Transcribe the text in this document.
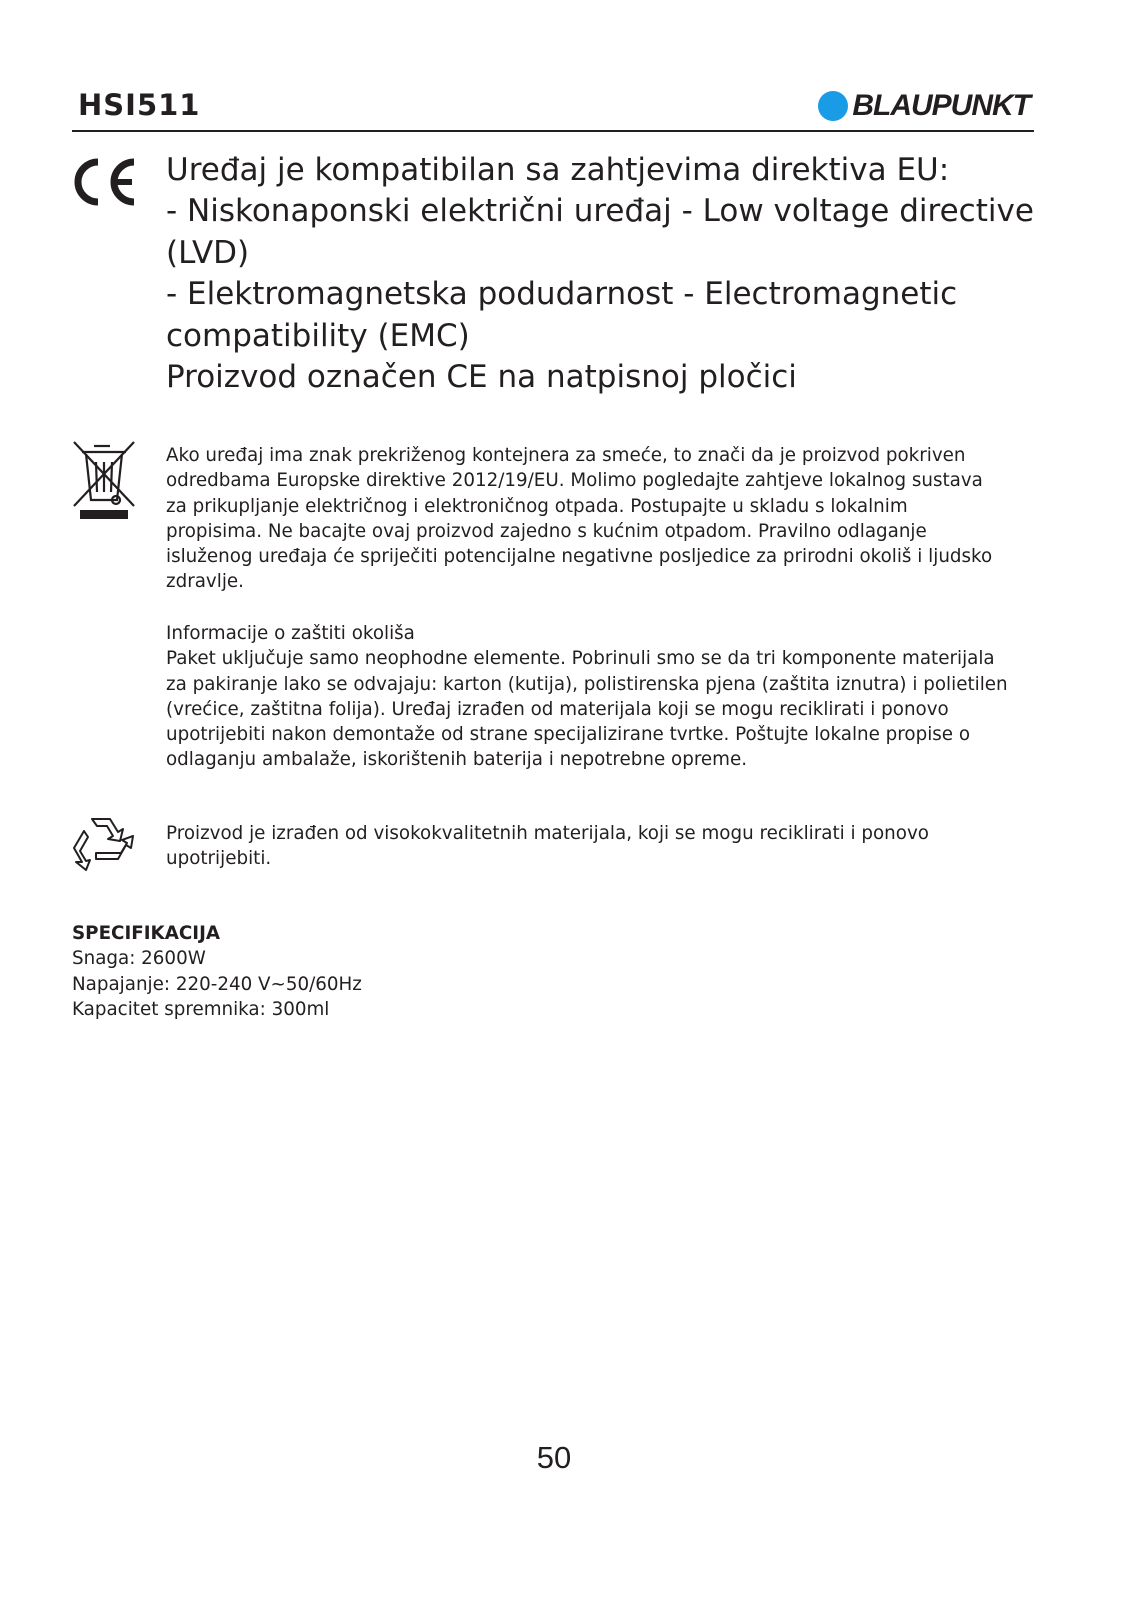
HSI511	BLAUPUNKT
Uređaj je kompatibilan sa zahtjevima direktiva EU:
- Niskonaponski električni uređaj - Low voltage directive
(LVD)
- Elektromagnetska podudarnost - Electromagnetic
compatibility (EMC)
Proizvod označen CE na natpisnoj pločici
Ako uređaj ima znak prekriženog kontejnera za smeće, to znači da je proizvod pokriven
odredbama Europske direktive 2012/19/EU. Molimo pogledajte zahtjeve lokalnog sustava
za prikupljanje električnog i elektroničnog otpada. Postupajte u skladu s lokalnim
propisima. Ne bacajte ovaj proizvod zajedno s kućnim otpadom. Pravilno odlaganje
isluženog uređaja će spriječiti potencijalne negativne posljedice za prirodni okoliš i ljudsko
zdravlje.
Informacije o zaštiti okoliša
Paket uključuje samo neophodne elemente. Pobrinuli smo se da tri komponente materijala
za pakiranje lako se odvajaju: karton (kutija), polistirenska pjena (zaštita iznutra) i polietilen
(vrećice, zaštitna folija). Uređaj izrađen od materijala koji se mogu reciklirati i ponovo
upotrijebiti nakon demontaže od strane specijalizirane tvrtke. Poštujte lokalne propise o
odlaganju ambalaže, iskorištenih baterija i nepotrebne opreme.
Proizvod je izrađen od visokokvalitetnih materijala, koji se mogu reciklirati i ponovo
upotrijebiti.
SPECIFIKACIJA
Snaga: 2600W
Napajanje: 220-240 V~50/60Hz
Kapacitet spremnika: 300ml
50
